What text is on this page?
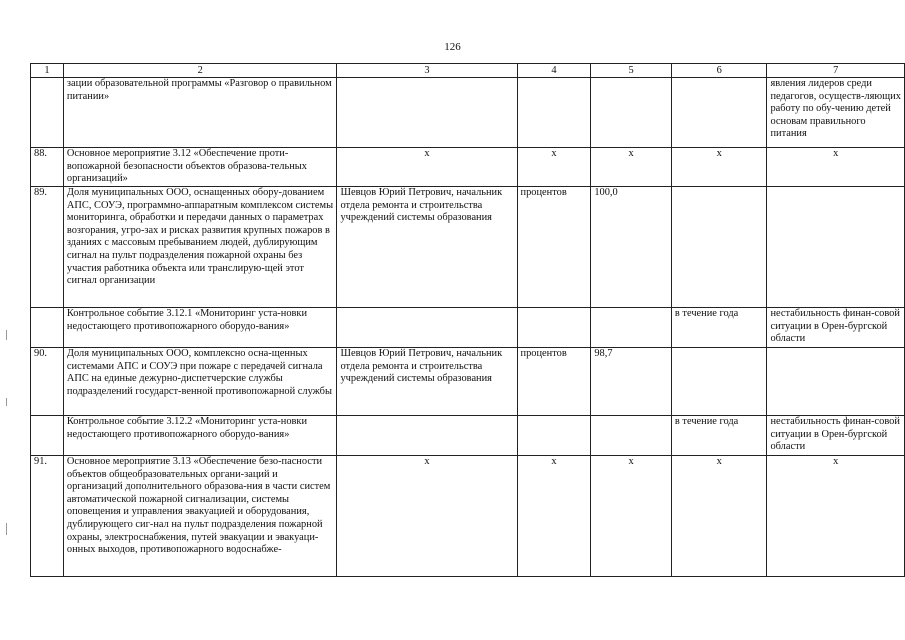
126
1	2	3	4	5	6	7
	зации образовательной программы «Разговор о правильном питании»					явления лидеров среди педагогов, осуществ-ляющих работу по обу-чению детей основам правильного питания
88.	Основное мероприятие 3.12 «Обеспечение проти-вопожарной безопасности объектов образова-тельных организаций»	x	x	x	x	x
89.	Доля муниципальных ООО, оснащенных обору-дованием АПС, СОУЭ, программно-аппаратным комплексом системы мониторинга, обработки и передачи данных о параметрах возгорания, угро-зах и рисках развития крупных пожаров в зданиях с массовым пребыванием людей, дублирующим сигнал на пульт подразделения пожарной охраны без участия работника объекта или транслирую-щей этот сигнал организации	Шевцов Юрий Петрович, начальник отдела ремонта и строительства учреждений системы образования	процентов	100,0		
	Контрольное событие 3.12.1 «Мониторинг уста-новки недостающего противопожарного оборудо-вания»				в течение года	нестабильность финан-совой ситуации в Орен-бургской области
90.	Доля муниципальных ООО, комплексно осна-щенных системами АПС и СОУЭ при пожаре с передачей сигнала АПС на единые дежурно-диспетчерские службы подразделений государст-венной противопожарной службы	Шевцов Юрий Петрович, начальник отдела ремонта и строительства учреждений системы образования	процентов	98,7		
	Контрольное событие 3.12.2 «Мониторинг уста-новки недостающего противопожарного оборудо-вания»				в течение года	нестабильность финан-совой ситуации в Орен-бургской области
91.	Основное мероприятие 3.13 «Обеспечение безо-пасности объектов общеобразовательных органи-заций и организаций дополнительного образова-ния в части систем автоматической пожарной сигнализации, системы оповещения и управления эвакуацией и оборудования, дублирующего сиг-нал на пульт подразделения пожарной охраны, электроснабжения, путей эвакуации и эвакуаци-онных выходов, противопожарного водоснабже-	x	x	x	x	x
